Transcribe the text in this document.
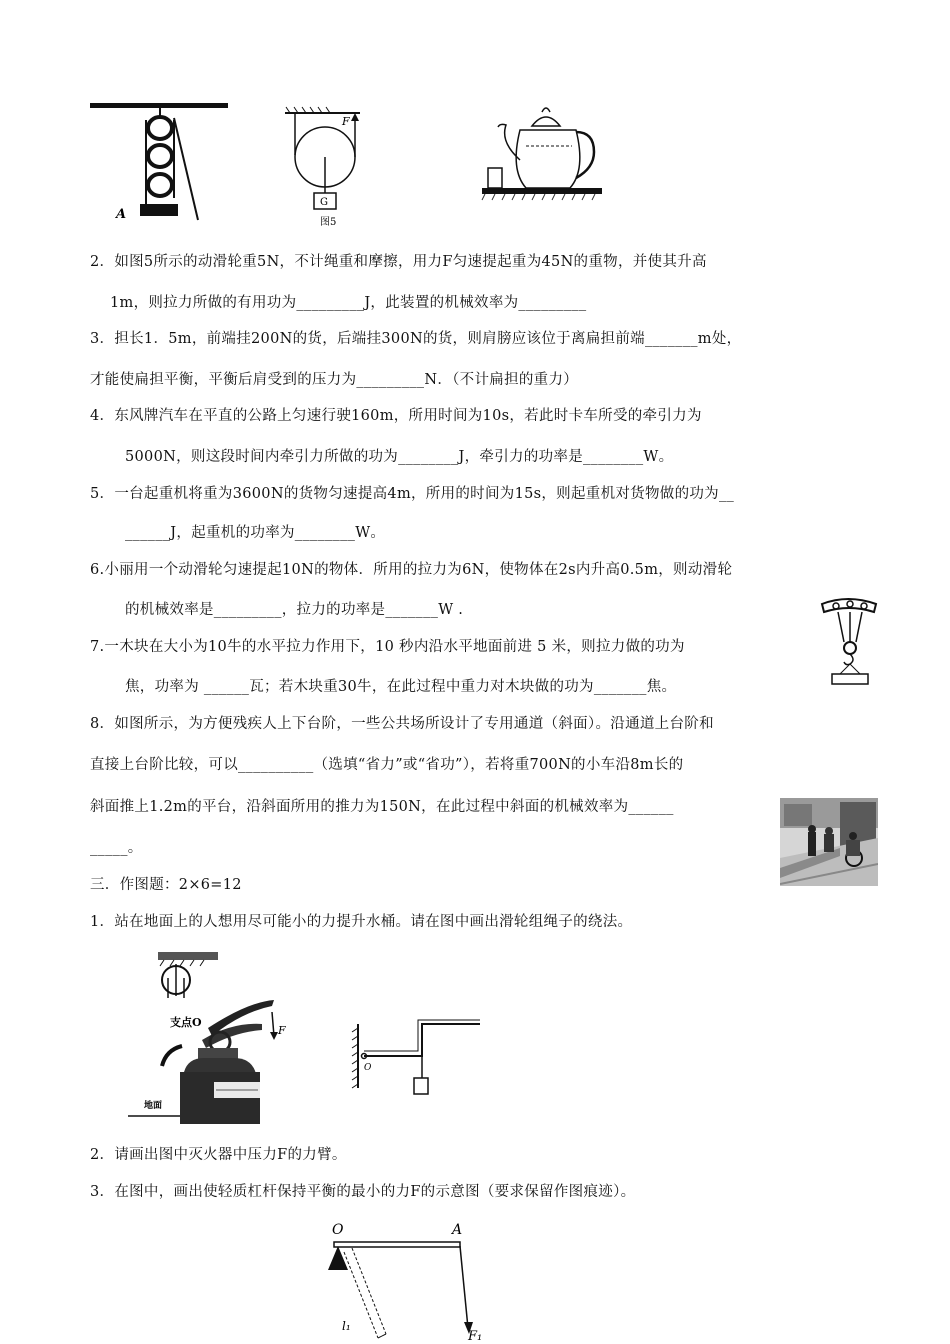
A
F
G
图5
2．如图5所示的动滑轮重5N，不计绳重和摩擦，用力F匀速提起重为45N的重物，并使其升高
1m，则拉力所做的有用功为_________J，此装置的机械效率为_________
3．担长1．5m，前端挂200N的货，后端挂300N的货，则肩膀应该位于离扁担前端_______m处，
才能使扁担平衡，平衡后肩受到的压力为_________N．（不计扁担的重力）
4．东风牌汽车在平直的公路上匀速行驶160m，所用时间为10s，若此时卡车所受的牵引力为
5000N，则这段时间内牵引力所做的功为________J，牵引力的功率是________W。
5．一台起重机将重为3600N的货物匀速提高4m，所用的时间为15s，则起重机对货物做的功为__
______J，起重机的功率为________W。
6.小丽用一个动滑轮匀速提起10N的物体．所用的拉力为6N，使物体在2s内升高0.5m，则动滑轮
的机械效率是_________，拉力的功率是_______W .
7.一木块在大小为10牛的水平拉力作用下，10 秒内沿水平地面前进 5 米，则拉力做的功为
焦，功率为 ______瓦；若木块重30牛，在此过程中重力对木块做的功为_______焦。
8．如图所示，为方便残疾人上下台阶，一些公共场所设计了专用通道（斜面）。沿通道上台阶和
直接上台阶比较，可以__________（选填“省力”或“省功”），若将重700N的小车沿8m长的
斜面推上1.2m的平台，沿斜面所用的推力为150N，在此过程中斜面的机械效率为______
_____。
三．作图题：2×6=12
1．站在地面上的人想用尽可能小的力提升水桶。请在图中画出滑轮组绳子的绕法。
F
支点O
地面
O
2．请画出图中灭火器中压力F的力臂。
3．在图中，画出使轻质杠杆保持平衡的最小的力F的示意图（要求保留作图痕迹）。
O	A
F₁
l₁
